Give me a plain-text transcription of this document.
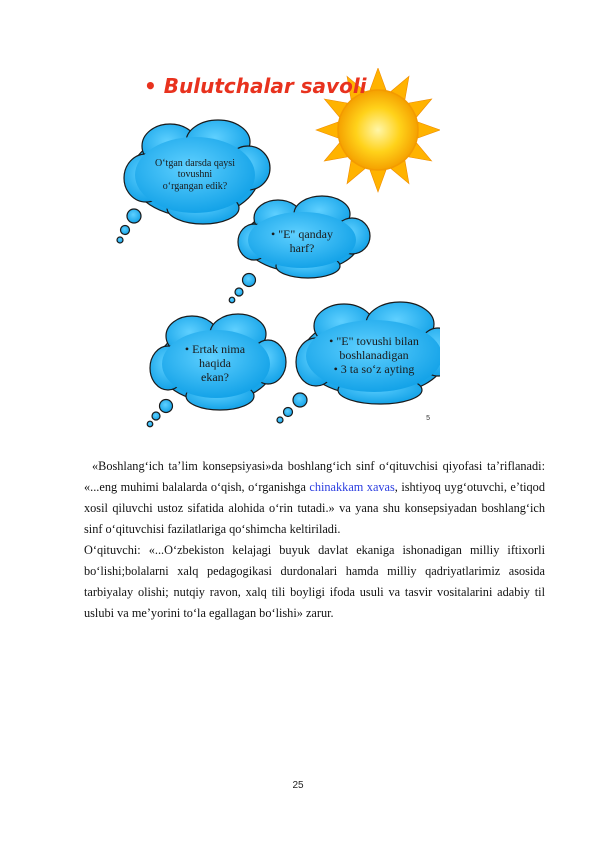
• Bulutchalar savoli
O‘tgan darsda qaysi
tovushni
o‘rgangan edik?
• "E" qanday
harf?
• Ertak nima
haqida
ekan?
• "E" tovushi bilan
boshlanadigan
• 3 ta so‘z ayting
5

«Boshlang‘ich ta’lim konsepsiyasi»da boshlang‘ich sinf o‘qituvchisi qiyofasi ta’riflanadi: «...eng muhimi balalarda o‘qish, o‘rganishga chinakkam xavas, ishtiyoq uyg‘otuvchi, e’tiqod xosil qiluvchi ustoz sifatida alohida o‘rin tutadi.» va yana shu konsepsiyadan boshlang‘ich sinf o‘qituvchisi fazilatlariga qo‘shimcha keltiriladi.

O‘qituvchi: «...O‘zbekiston kelajagi buyuk davlat ekaniga ishonadigan milliy iftixorli bo‘lishi;bolalarni xalq pedagogikasi durdonalari hamda milliy qadriyatlarimiz asosida tarbiyalay olishi; nutqiy ravon, xalq tili boyligi ifoda usuli va tasvir vositalarini adabiy til uslubi va me’yorini to‘la egallagan bo‘lishi» zarur.

25
